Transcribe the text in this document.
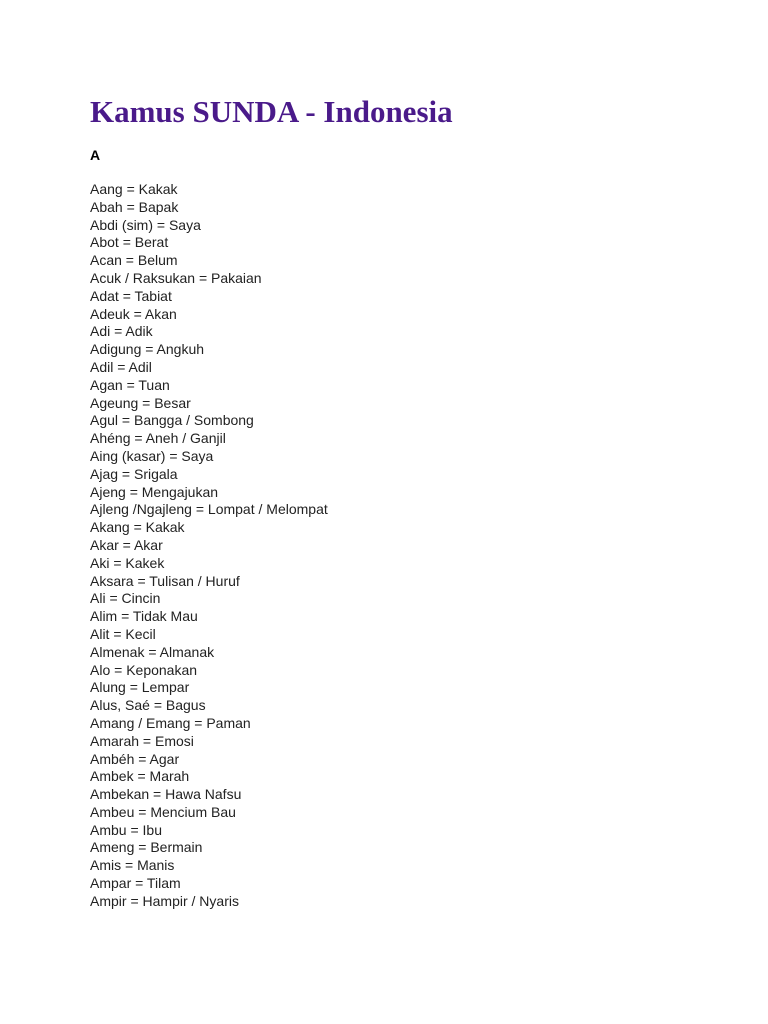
Kamus SUNDA - Indonesia
A
Aang = Kakak
Abah = Bapak
Abdi (sim) = Saya
Abot = Berat
Acan = Belum
Acuk / Raksukan = Pakaian
Adat = Tabiat
Adeuk = Akan
Adi = Adik
Adigung = Angkuh
Adil = Adil
Agan = Tuan
Ageung = Besar
Agul = Bangga / Sombong
Ahéng = Aneh / Ganjil
Aing (kasar) = Saya
Ajag = Srigala
Ajeng = Mengajukan
Ajleng /Ngajleng = Lompat / Melompat
Akang = Kakak
Akar = Akar
Aki = Kakek
Aksara = Tulisan / Huruf
Ali = Cincin
Alim = Tidak Mau
Alit = Kecil
Almenak = Almanak
Alo = Keponakan
Alung = Lempar
Alus, Saé = Bagus
Amang / Emang = Paman
Amarah = Emosi
Ambéh = Agar
Ambek = Marah
Ambekan = Hawa Nafsu
Ambeu = Mencium Bau
Ambu = Ibu
Ameng = Bermain
Amis = Manis
Ampar = Tilam
Ampir = Hampir / Nyaris
